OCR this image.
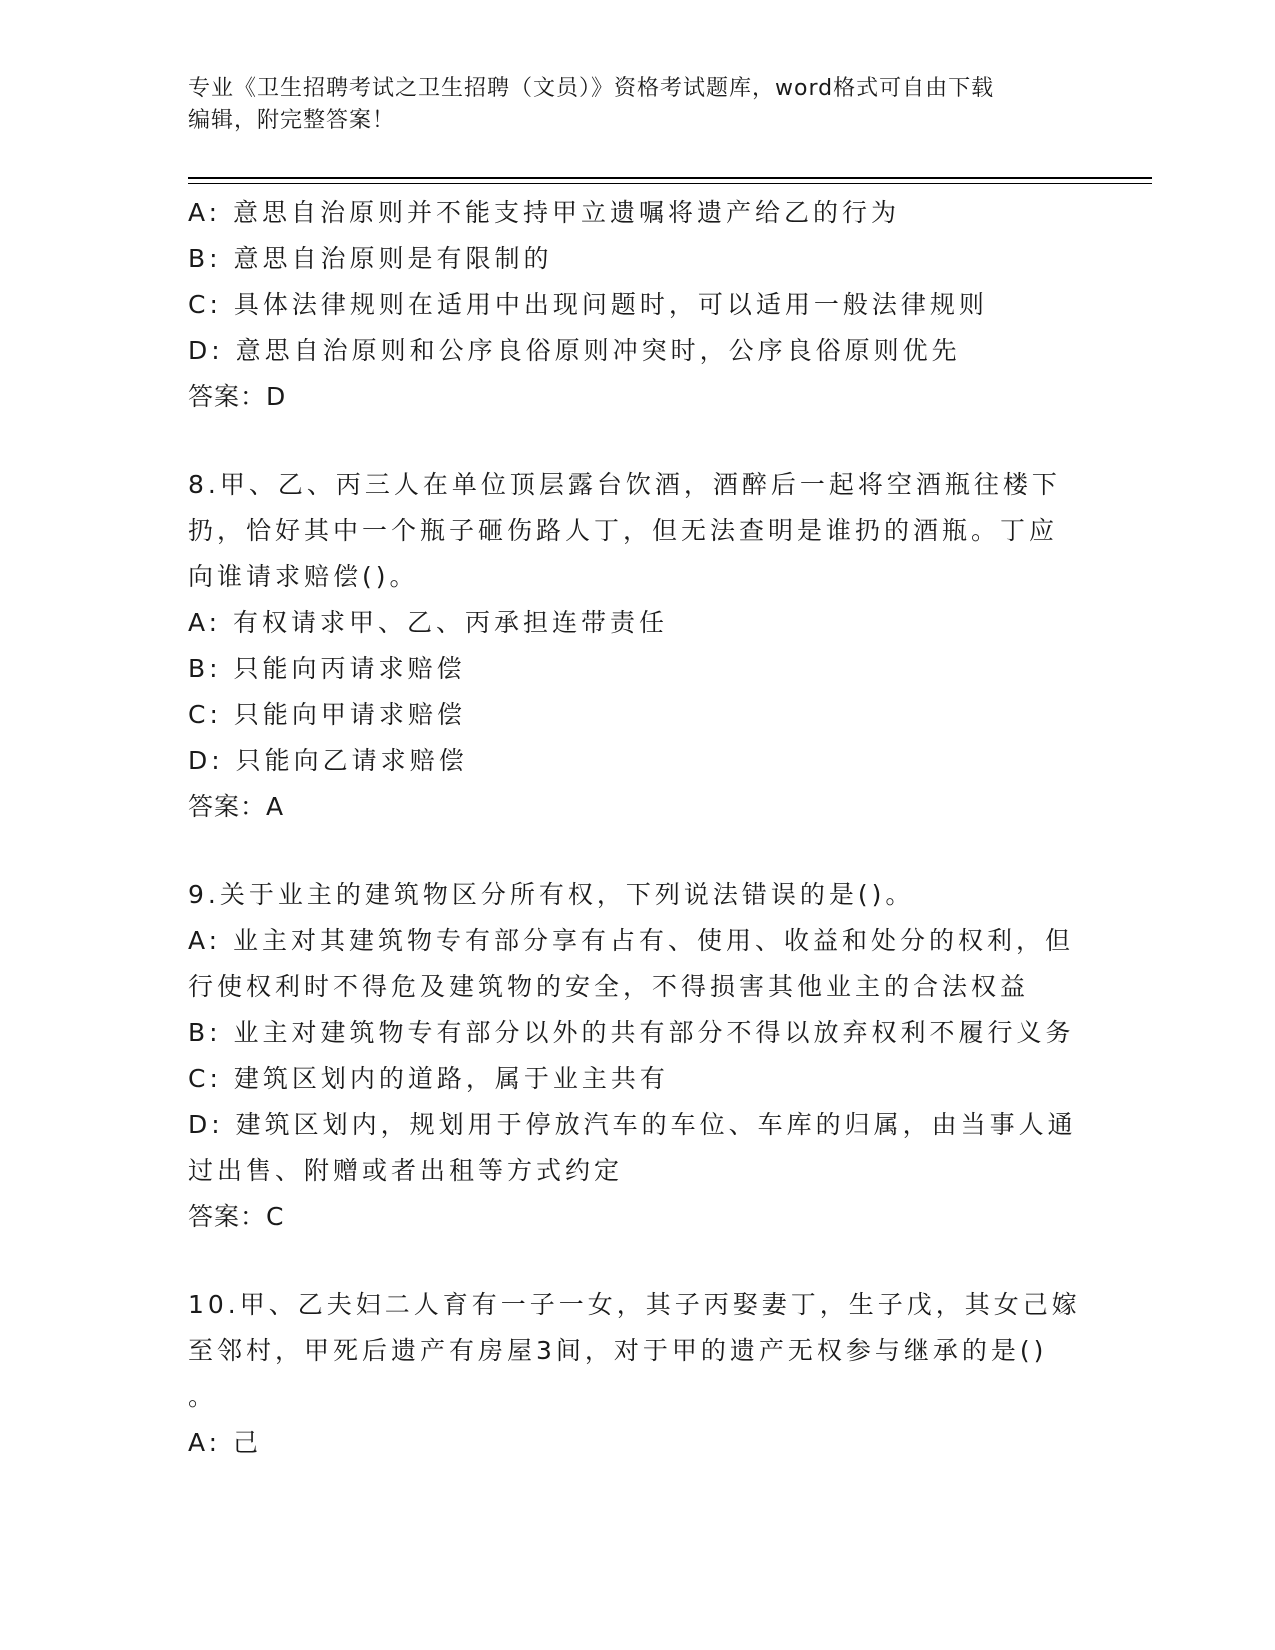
专业《卫生招聘考试之卫生招聘（文员）》资格考试题库，word格式可自由下载
编辑，附完整答案！
A: 意思自治原则并不能支持甲立遗嘱将遗产给乙的行为
B: 意思自治原则是有限制的
C: 具体法律规则在适用中出现问题时，可以适用一般法律规则
D: 意思自治原则和公序良俗原则冲突时，公序良俗原则优先
答案：D
8.甲、乙、丙三人在单位顶层露台饮酒，酒醉后一起将空酒瓶往楼下
扔，恰好其中一个瓶子砸伤路人丁，但无法查明是谁扔的酒瓶。丁应
向谁请求赔偿()。
A: 有权请求甲、乙、丙承担连带责任
B: 只能向丙请求赔偿
C: 只能向甲请求赔偿
D: 只能向乙请求赔偿
答案：A
9.关于业主的建筑物区分所有权，下列说法错误的是()。
A: 业主对其建筑物专有部分享有占有、使用、收益和处分的权利，但
行使权利时不得危及建筑物的安全，不得损害其他业主的合法权益
B: 业主对建筑物专有部分以外的共有部分不得以放弃权利不履行义务
C: 建筑区划内的道路，属于业主共有
D: 建筑区划内，规划用于停放汽车的车位、车库的归属，由当事人通
过出售、附赠或者出租等方式约定
答案：C
10.甲、乙夫妇二人育有一子一女，其子丙娶妻丁，生子戊，其女己嫁
至邻村，甲死后遗产有房屋3间，对于甲的遗产无权参与继承的是()
。
A: 己
